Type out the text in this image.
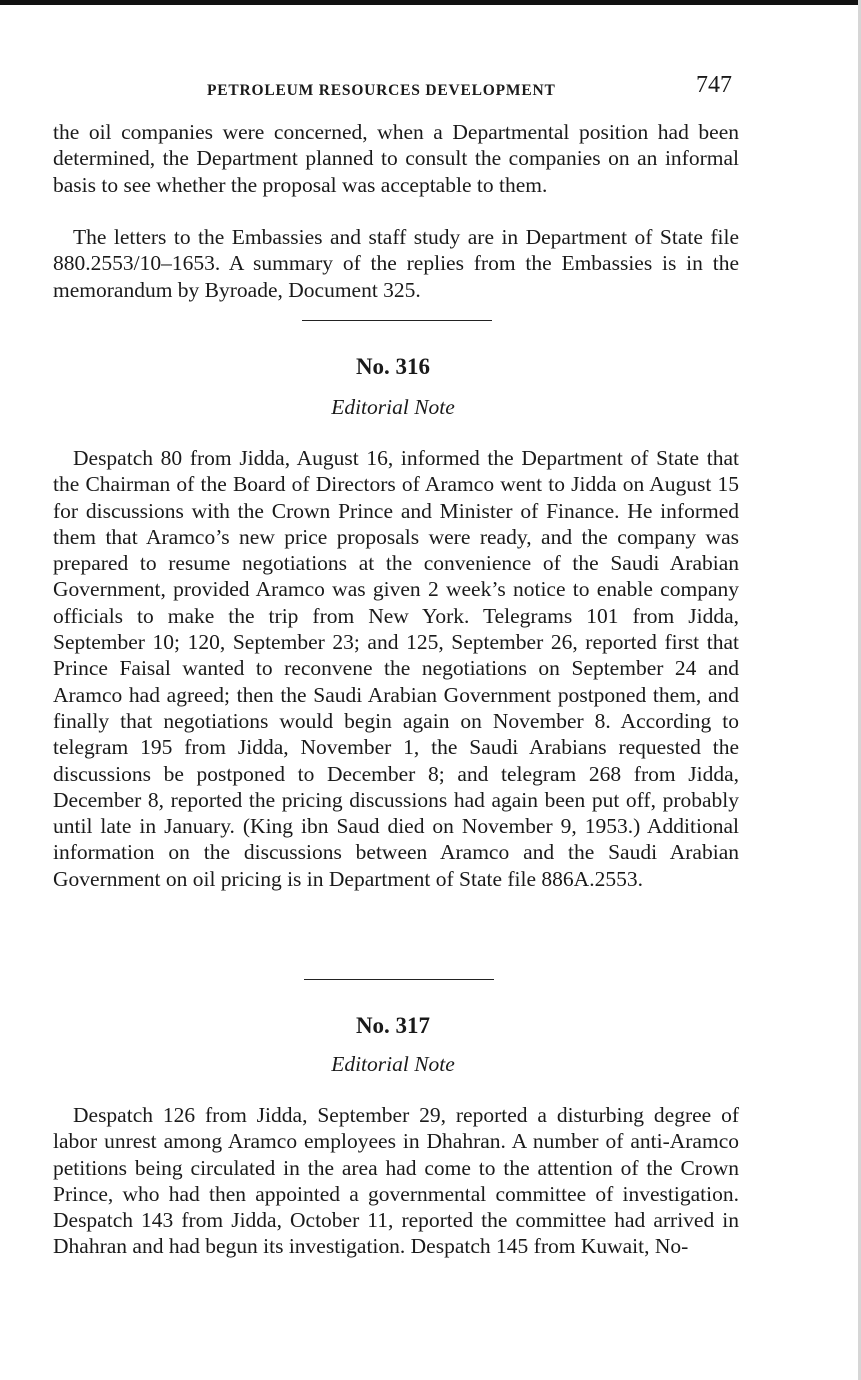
PETROLEUM RESOURCES DEVELOPMENT	747

the oil companies were concerned, when a Departmental position had been determined, the Department planned to consult the companies on an informal basis to see whether the proposal was acceptable to them.

The letters to the Embassies and staff study are in Department of State file 880.2553/10–1653. A summary of the replies from the Embassies is in the memorandum by Byroade, Document 325.

No. 316
Editorial Note

Despatch 80 from Jidda, August 16, informed the Department of State that the Chairman of the Board of Directors of Aramco went to Jidda on August 15 for discussions with the Crown Prince and Minister of Finance. He informed them that Aramco’s new price proposals were ready, and the company was prepared to resume negotiations at the convenience of the Saudi Arabian Government, provided Aramco was given 2 week’s notice to enable company officials to make the trip from New York. Telegrams 101 from Jidda, September 10; 120, September 23; and 125, September 26, reported first that Prince Faisal wanted to reconvene the negotiations on September 24 and Aramco had agreed; then the Saudi Arabian Government postponed them, and finally that negotiations would begin again on November 8. According to telegram 195 from Jidda, November 1, the Saudi Arabians requested the discussions be postponed to December 8; and telegram 268 from Jidda, December 8, reported the pricing discussions had again been put off, probably until late in January. (King ibn Saud died on November 9, 1953.) Additional information on the discussions between Aramco and the Saudi Arabian Government on oil pricing is in Department of State file 886A.2553.

No. 317
Editorial Note

Despatch 126 from Jidda, September 29, reported a disturbing degree of labor unrest among Aramco employees in Dhahran. A number of anti-Aramco petitions being circulated in the area had come to the attention of the Crown Prince, who had then appointed a governmental committee of investigation. Despatch 143 from Jidda, October 11, reported the committee had arrived in Dhahran and had begun its investigation. Despatch 145 from Kuwait, No-
